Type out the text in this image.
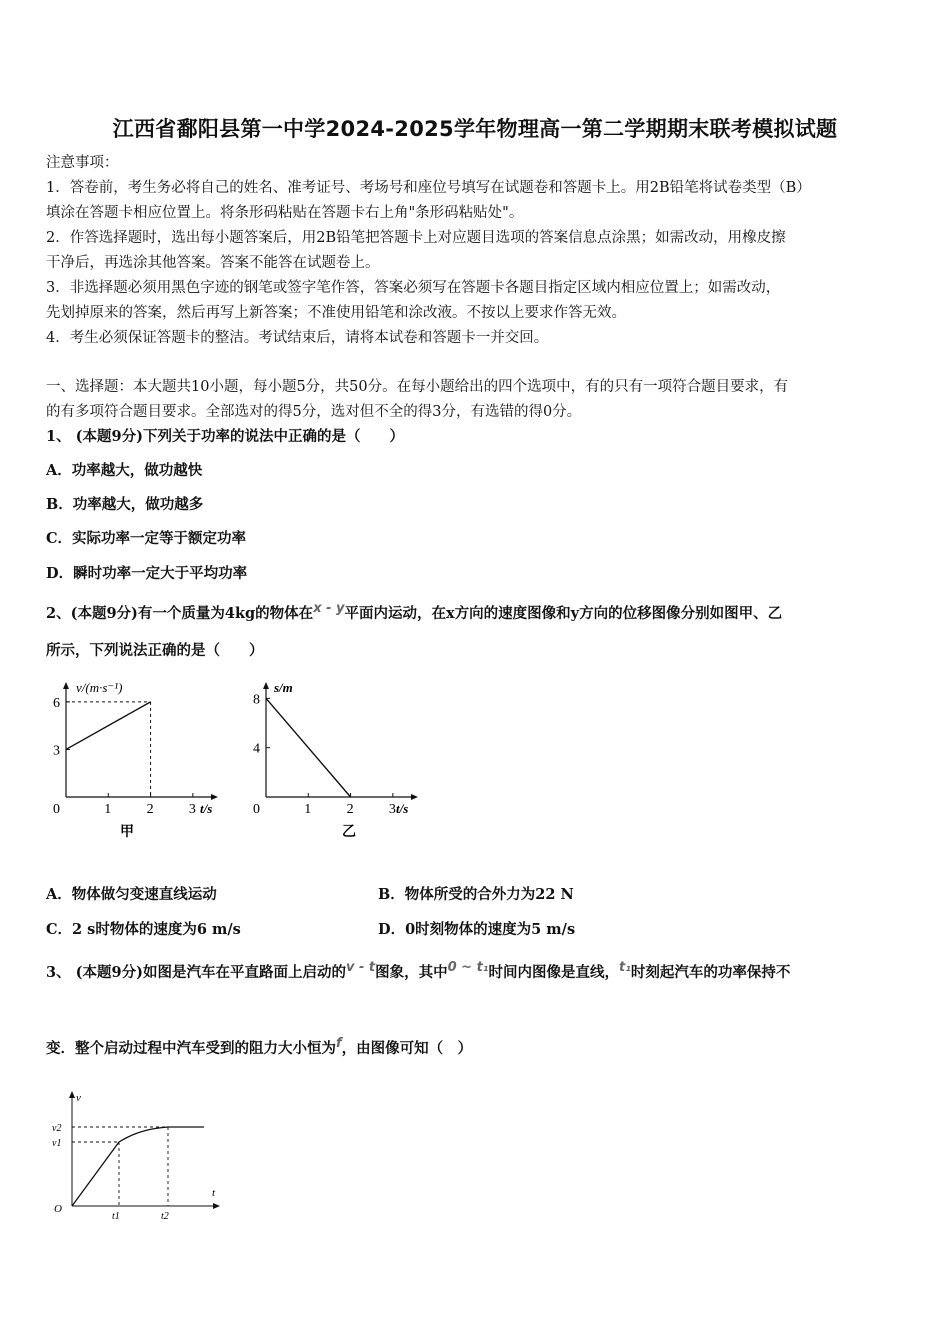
江西省鄱阳县第一中学2024-2025学年物理高一第二学期期末联考模拟试题
注意事项：
1．答卷前，考生务必将自己的姓名、准考证号、考场号和座位号填写在试题卷和答题卡上。用2B铅笔将试卷类型（B）
填涂在答题卡相应位置上。将条形码粘贴在答题卡右上角"条形码粘贴处"。
2．作答选择题时，选出每小题答案后，用2B铅笔把答题卡上对应题目选项的答案信息点涂黑；如需改动，用橡皮擦
干净后，再选涂其他答案。答案不能答在试题卷上。
3．非选择题必须用黑色字迹的钢笔或签字笔作答，答案必须写在答题卡各题目指定区域内相应位置上；如需改动，
先划掉原来的答案，然后再写上新答案；不准使用铅笔和涂改液。不按以上要求作答无效。
4．考生必须保证答题卡的整洁。考试结束后，请将本试卷和答题卡一并交回。
一、选择题：本大题共10小题，每小题5分，共50分。在每小题给出的四个选项中，有的只有一项符合题目要求，有
的有多项符合题目要求。全部选对的得5分，选对但不全的得3分，有选错的得0分。
1、 (本题9分)下列关于功率的说法中正确的是（　　）
A．功率越大，做功越快
B．功率越大，做功越多
C．实际功率一定等于额定功率
D．瞬时功率一定大于平均功率
2、(本题9分)有一个质量为4kg的物体在x - y平面内运动，在x方向的速度图像和y方向的位移图像分别如图甲、乙
所示，下列说法正确的是（　　）
0	1	2	3
3
6
v/(m·s⁻¹)
t/s
甲
0	1	2	3
4
8
s/m
t/s
乙
A．物体做匀变速直线运动	B．物体所受的合外力为22 N
C．2 s时物体的速度为6 m/s	D．0时刻物体的速度为5 m/s
3、 (本题9分)如图是汽车在平直路面上启动的v - t图象，其中0 ~ t₁时间内图像是直线，t₁时刻起汽车的功率保持不
变．整个启动过程中汽车受到的阻力大小恒为f，由图像可知（　）
v
t
O
v1
v2
t1	t2
